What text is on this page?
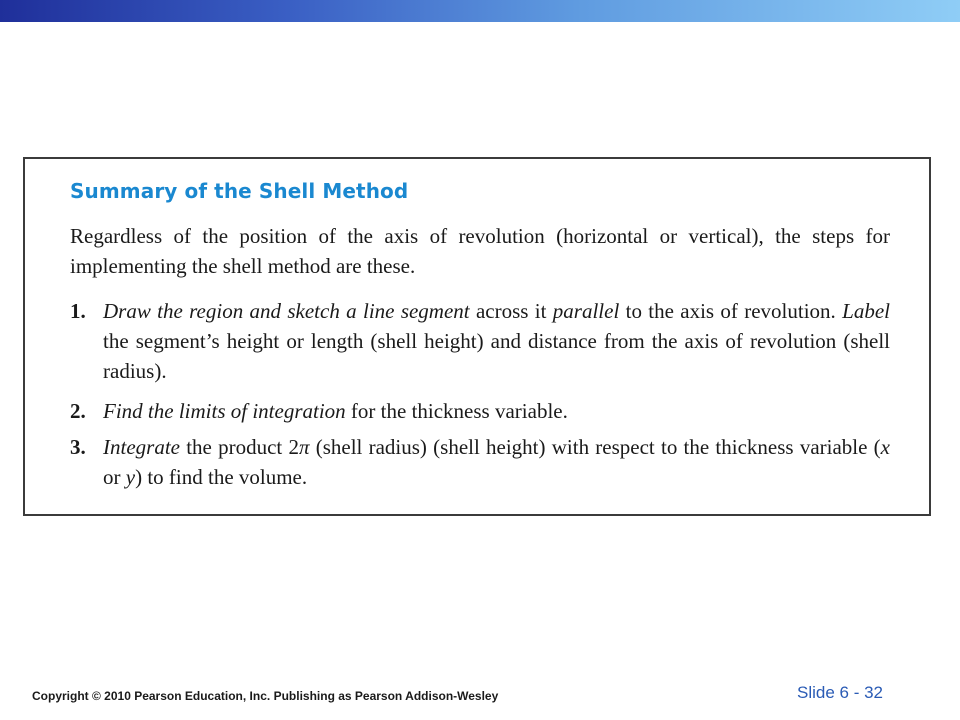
Summary of the Shell Method

Regardless of the position of the axis of revolution (horizontal or vertical), the steps for implementing the shell method are these.

1. Draw the region and sketch a line segment across it parallel to the axis of revolution. Label the segment’s height or length (shell height) and distance from the axis of revolution (shell radius).
2. Find the limits of integration for the thickness variable.
3. Integrate the product 2π (shell radius) (shell height) with respect to the thickness variable (x or y) to find the volume.
Copyright © 2010 Pearson Education, Inc. Publishing as Pearson Addison-Wesley	Slide 6 - 32
